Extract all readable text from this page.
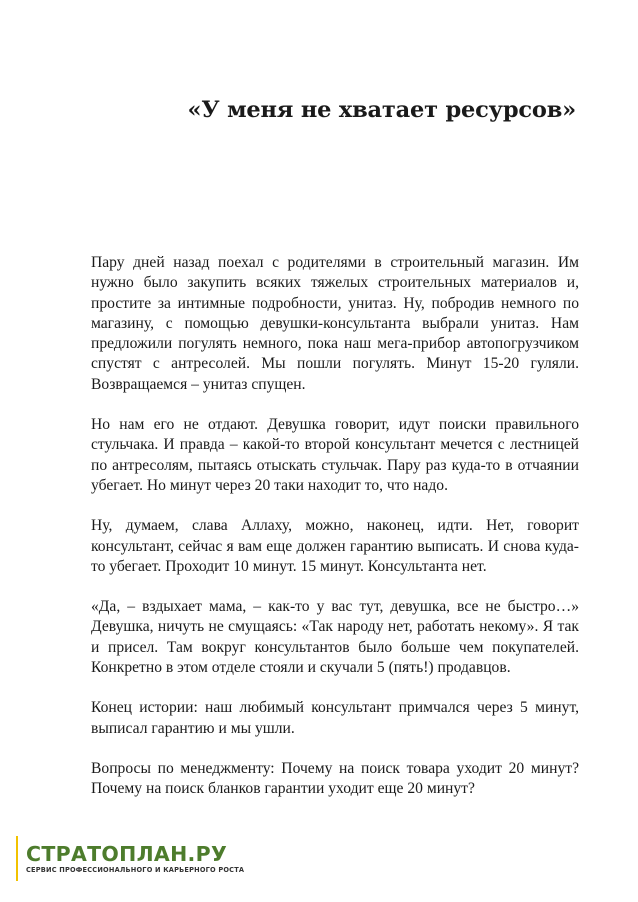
«У меня не хватает ресурсов»

Пару дней назад поехал с родителями в строительный магазин. Им нужно было закупить всяких тяжелых строительных материалов и, простите за интимные подробности, унитаз. Ну, побродив немного по магазину, с помощью девушки-консультанта выбрали унитаз. Нам предложили погулять немного, пока наш мега-прибор автопогрузчиком спустят с антресолей. Мы пошли погулять. Минут 15-20 гуляли. Возвращаемся – унитаз спущен.

Но нам его не отдают. Девушка говорит, идут поиски правильного стульчака. И правда – какой-то второй консультант мечется с лестницей по антресолям, пытаясь отыскать стульчак. Пару раз куда-то в отчаянии убегает. Но минут через 20 таки находит то, что надо.

Ну, думаем, слава Аллаху, можно, наконец, идти. Нет, говорит консультант, сейчас я вам еще должен гарантию выписать. И снова куда-то убегает. Проходит 10 минут. 15 минут. Консультанта нет.

«Да, – вздыхает мама, – как-то у вас тут, девушка, все не быстро…» Девушка, ничуть не смущаясь: «Так народу нет, работать некому». Я так и присел. Там вокруг консультантов было больше чем покупателей. Конкретно в этом отделе стояли и скучали 5 (пять!) продавцов.

Конец истории: наш любимый консультант примчался через 5 минут, выписал гарантию и мы ушли.

Вопросы по менеджменту: Почему на поиск товара уходит 20 минут? Почему на поиск бланков гарантии уходит еще 20 минут?

СТРАТОПЛАН.РУ
СЕРВИС ПРОФЕССИОНАЛЬНОГО И КАРЬЕРНОГО РОСТА
